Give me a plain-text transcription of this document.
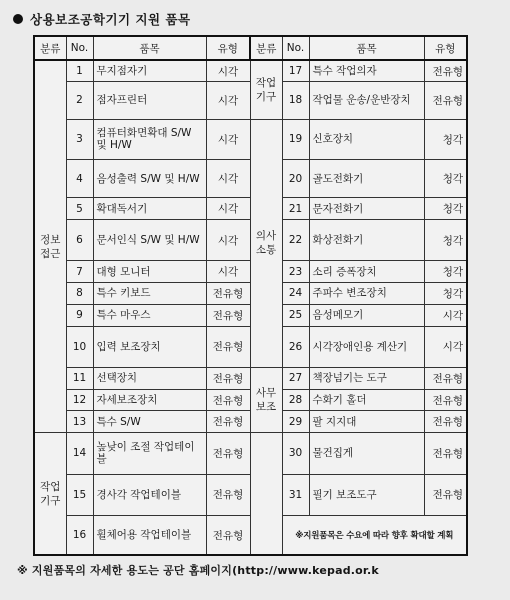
상용보조공학기기 지원 품목
분류	No.	품목	유형	분류	No.	품목	유형
정보 접근	1	무지점자기	시각	작업 기구	17	특수 작업의자	전유형
	2	점자프린터	시각		18	작업물 운송/운반장치	전유형
	3	컴퓨터화면확대 S/W 및 H/W	시각	의사 소통	19	신호장치	청각
	4	음성출력 S/W 및 H/W	시각		20	골도전화기	청각
	5	확대독서기	시각		21	문자전화기	청각
	6	문서인식 S/W 및 H/W	시각		22	화상전화기	청각
	7	대형 모니터	시각		23	소리 증폭장치	청각
	8	특수 키보드	전유형		24	주파수 변조장치	청각
	9	특수 마우스	전유형		25	음성메모기	시각
	10	입력 보조장치	전유형		26	시각장애인용 계산기	시각
	11	선택장치	전유형	사무 보조	27	책장넘기는 도구	전유형
	12	자세보조장치	전유형		28	수화기 홀더	전유형
	13	특수 S/W	전유형		29	팔 지지대	전유형
작업 기구	14	높낮이 조절 작업테이블	전유형		30	물건집게	전유형
	15	경사각 작업테이블	전유형		31	필기 보조도구	전유형
	16	휠체어용 작업테이블	전유형		※지원품목은 수요에 따라 향후 확대할 계획		
※ 지원품목의 자세한 용도는 공단 홈페이지(http://www.kepad.or.k
